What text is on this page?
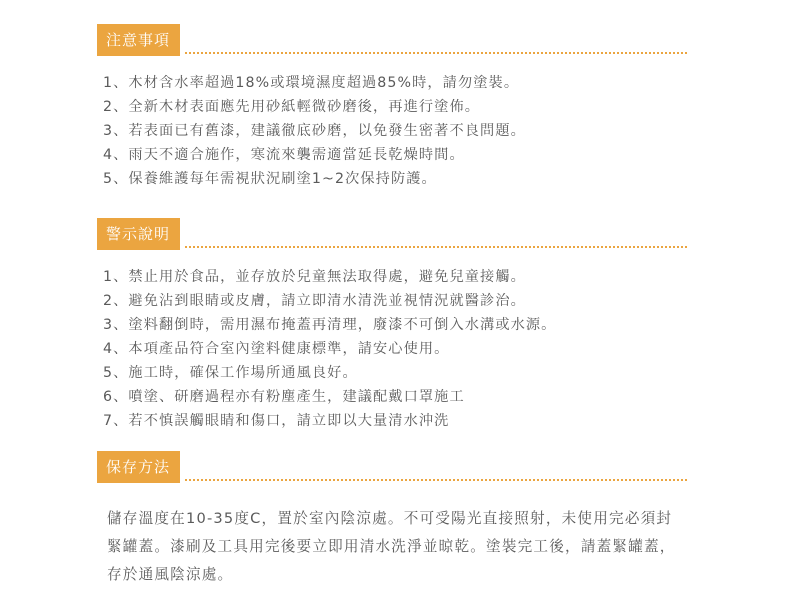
注意事項
1、木材含水率超過18%或環境濕度超過85%時，請勿塗裝。
2、全新木材表面應先用砂紙輕微砂磨後，再進行塗佈。
3、若表面已有舊漆，建議徹底砂磨，以免發生密著不良問題。
4、雨天不適合施作，寒流來襲需適當延長乾燥時間。
5、保養維護每年需視狀況刷塗1~2次保持防護。
警示說明
1、禁止用於食品，並存放於兒童無法取得處，避免兒童接觸。
2、避免沾到眼睛或皮膚，請立即清水清洗並視情況就醫診治。
3、塗料翻倒時，需用濕布掩蓋再清理，廢漆不可倒入水溝或水源。
4、本項產品符合室內塗料健康標準，請安心使用。
5、施工時，確保工作場所通風良好。
6、噴塗、研磨過程亦有粉塵產生，建議配戴口罩施工
7、若不慎誤觸眼睛和傷口，請立即以大量清水沖洗
保存方法

儲存溫度在10-35度C，置於室內陰涼處。不可受陽光直接照射，未使用完必須封緊罐蓋。漆刷及工具用完後要立即用清水洗淨並晾乾。塗裝完工後，請蓋緊罐蓋，存於通風陰涼處。
